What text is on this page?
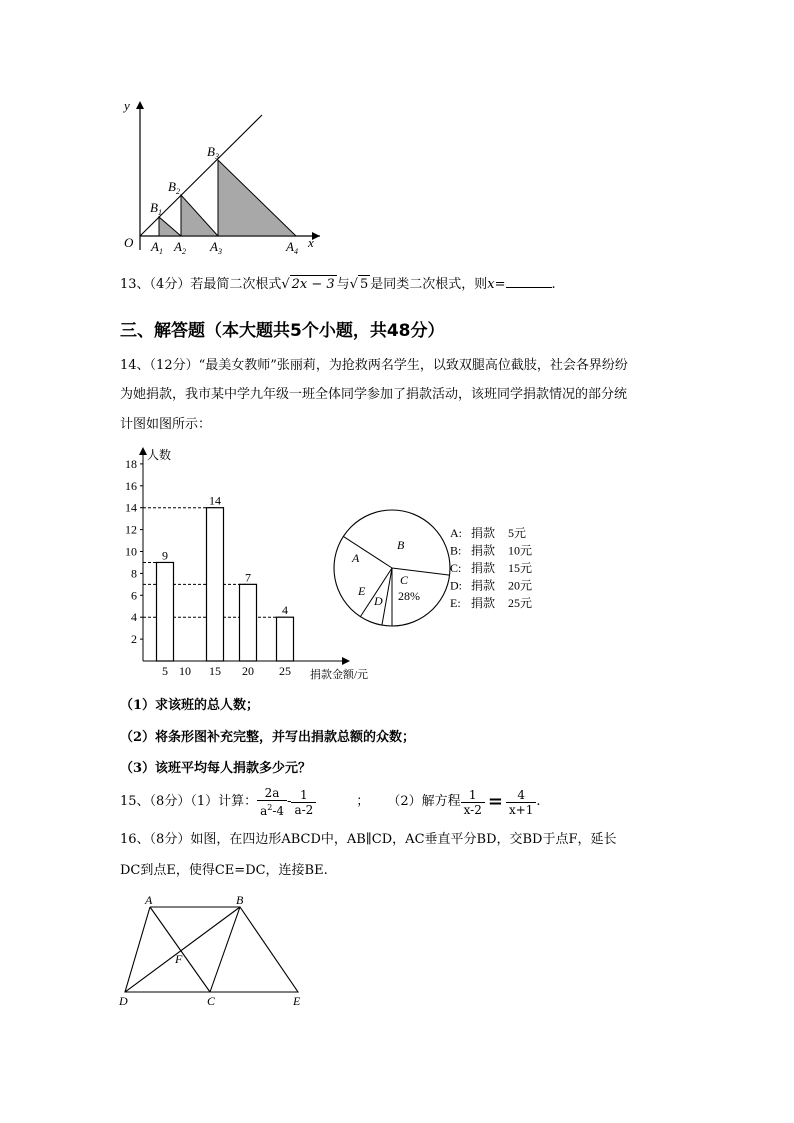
y
x
O
$B_1$
$B_2$
$B_3$
$A_1$ $A_2$ $A_3$	$A_4$
13、（4分）若最简二次根式√ 2x − 3 与√ 5 是同类二次根式，则x=	.
三、解答题（本大题共5个小题，共48分）
14、（12分）“最美女教师”张丽莉，为抢救两名学生，以致双腿高位截肢，社会各界纷纷
为她捐款，我市某中学九年级一班全体同学参加了捐款活动，该班同学捐款情况的部分统
计图如图所示：
人数
捐款金额/元
2
4
6
8
10
12
14
16
18
9
5 10
14
15
7
20
4
25
A
B
C
28%
D
E
A: 捐款 5元
B: 捐款 10元
C: 捐款 15元
D: 捐款 20元
E: 捐款 25元
（1）求该班的总人数；
（2）将条形图补充完整，并写出捐款总额的众数；
（3）该班平均每人捐款多少元？
15、（8分）（1）计算： $\frac{2a}{a^2-4} - \frac{1}{a-2}$	； （2）解方程 $\frac{1}{x-2} = \frac{4}{x+1}$ .
16、（8分）如图，在四边形ABCD中，AB∥CD，AC垂直平分BD，交BD于点F，延长
DC到点E，使得CE=DC，连接BE.
A	B
C
D	E
F
